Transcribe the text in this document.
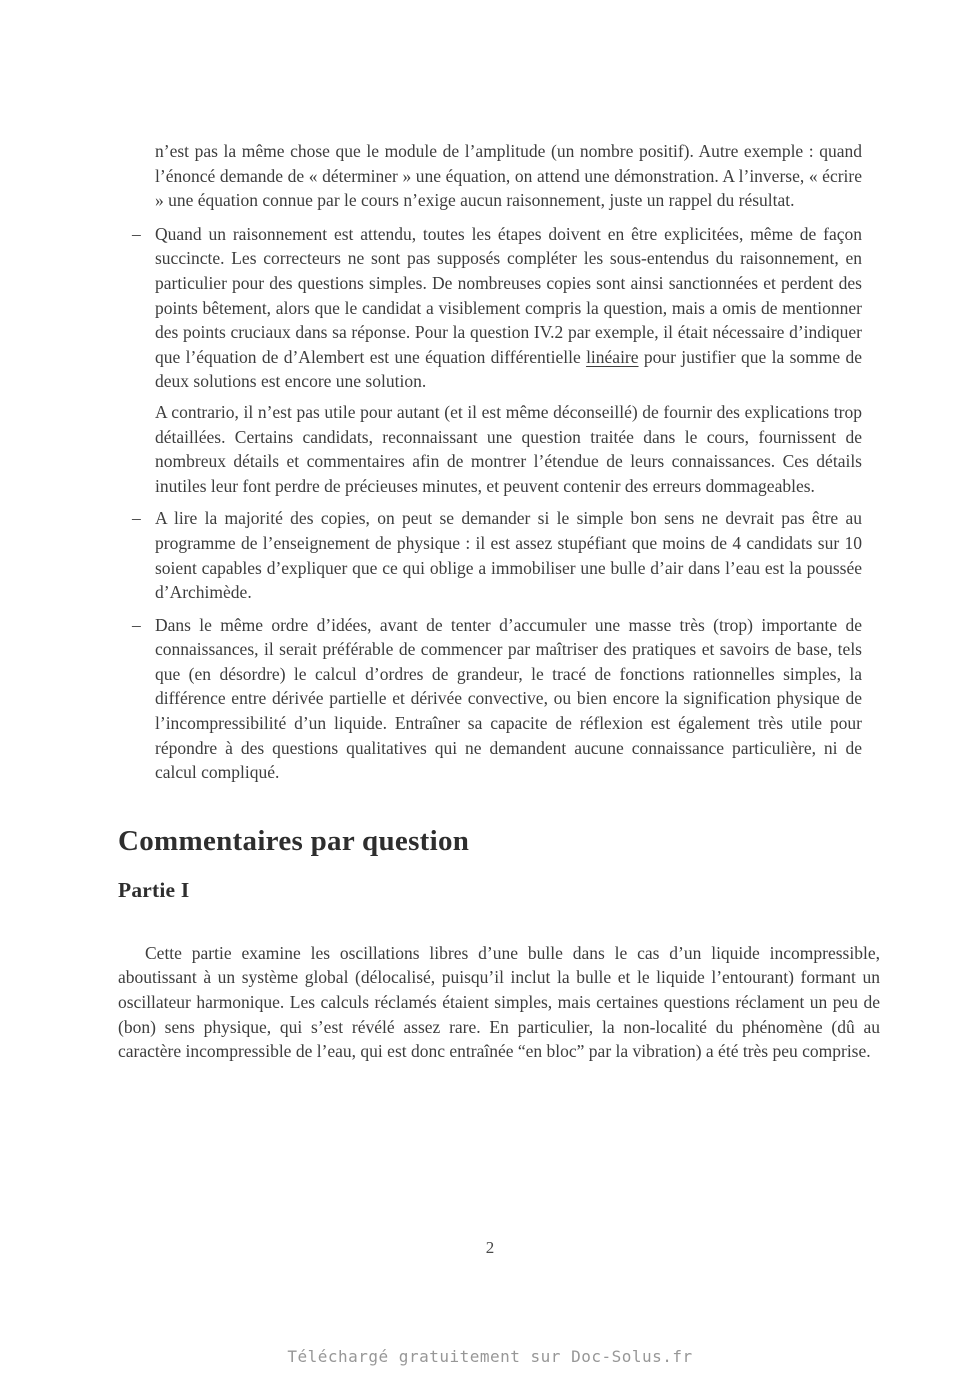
n’est pas la même chose que le module de l’amplitude (un nombre positif). Autre exemple : quand l’énoncé demande de « déterminer » une équation, on attend une démonstration. A l’inverse, « écrire » une équation connue par le cours n’exige aucun raisonnement, juste un rappel du résultat.

– Quand un raisonnement est attendu, toutes les étapes doivent en être explicitées, même de façon succincte. Les correcteurs ne sont pas supposés compléter les sous-entendus du raisonnement, en particulier pour des questions simples. De nombreuses copies sont ainsi sanctionnées et perdent des points bêtement, alors que le candidat a visiblement compris la question, mais a omis de mentionner des points cruciaux dans sa réponse. Pour la question IV.2 par exemple, il était nécessaire d’indiquer que l’équation de d’Alembert est une équation différentielle linéaire pour justifier que la somme de deux solutions est encore une solution.

A contrario, il n’est pas utile pour autant (et il est même déconseillé) de fournir des explications trop détaillées. Certains candidats, reconnaissant une question traitée dans le cours, fournissent de nombreux détails et commentaires afin de montrer l’étendue de leurs connaissances. Ces détails inutiles leur font perdre de précieuses minutes, et peuvent contenir des erreurs dommageables.

– A lire la majorité des copies, on peut se demander si le simple bon sens ne devrait pas être au programme de l’enseignement de physique : il est assez stupéfiant que moins de 4 candidats sur 10 soient capables d’expliquer que ce qui oblige a immobiliser une bulle d’air dans l’eau est la poussée d’Archimède.

– Dans le même ordre d’idées, avant de tenter d’accumuler une masse très (trop) importante de connaissances, il serait préférable de commencer par maîtriser des pratiques et savoirs de base, tels que (en désordre) le calcul d’ordres de grandeur, le tracé de fonctions rationnelles simples, la différence entre dérivée partielle et dérivée convective, ou bien encore la signification physique de l’incompressibilité d’un liquide. Entraîner sa capacite de réflexion est également très utile pour répondre à des questions qualitatives qui ne demandent aucune connaissance particulière, ni de calcul compliqué.

Commentaires par question
Partie I

Cette partie examine les oscillations libres d’une bulle dans le cas d’un liquide incompressible, aboutissant à un système global (délocalisé, puisqu’il inclut la bulle et le liquide l’entourant) formant un oscillateur harmonique. Les calculs réclamés étaient simples, mais certaines questions réclament un peu de (bon) sens physique, qui s’est révélé assez rare. En particulier, la non-localité du phénomène (dû au caractère incompressible de l’eau, qui est donc entraînée “en bloc” par la vibration) a été très peu comprise.

2
Téléchargé gratuitement sur Doc-Solus.fr
